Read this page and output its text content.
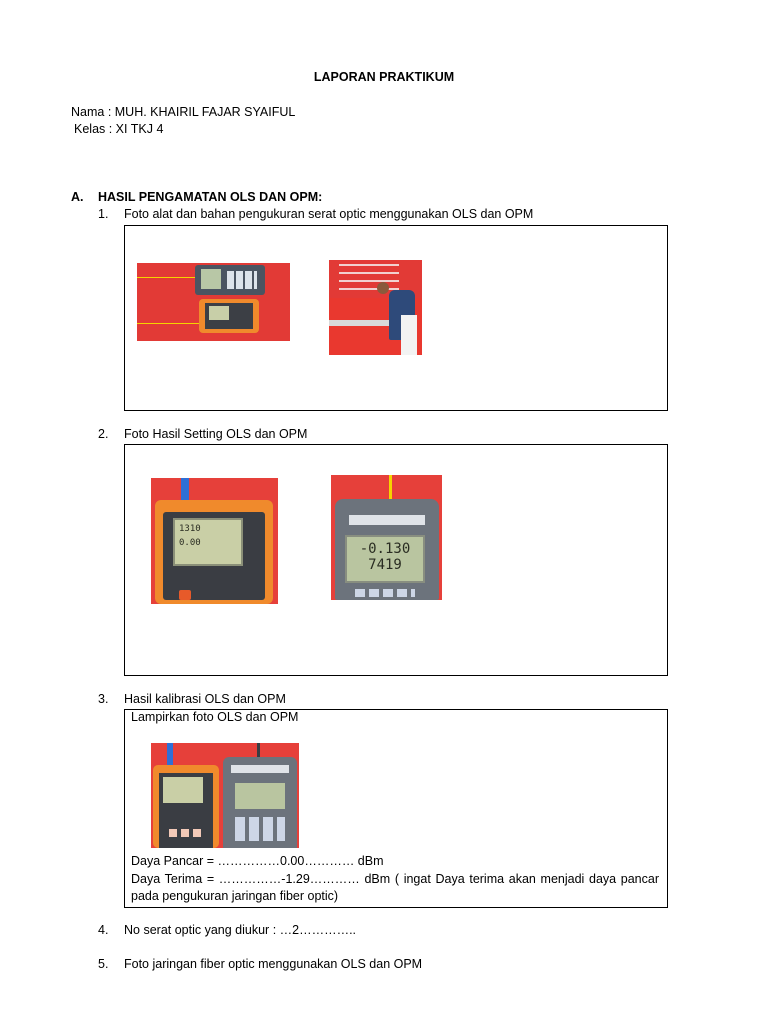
LAPORAN PRAKTIKUM
Nama : MUH. KHAIRIL FAJAR SYAIFUL
Kelas : XI TKJ 4
A. HASIL PENGAMATAN OLS DAN OPM:
1. Foto alat dan bahan pengukuran serat optic menggunakan OLS dan OPM
2. Foto Hasil Setting OLS dan OPM
1310    0.00	-0.130
7419
3. Hasil kalibrasi OLS dan OPM
Lampirkan foto OLS dan OPM
Daya Pancar = ……………0.00………… dBm
Daya Terima = ……………-1.29………… dBm ( ingat Daya terima akan menjadi daya pancar pada pengukuran jaringan fiber optic)
4. No serat optic yang diukur : …2…………..
5. Foto jaringan fiber optic menggunakan OLS dan OPM
